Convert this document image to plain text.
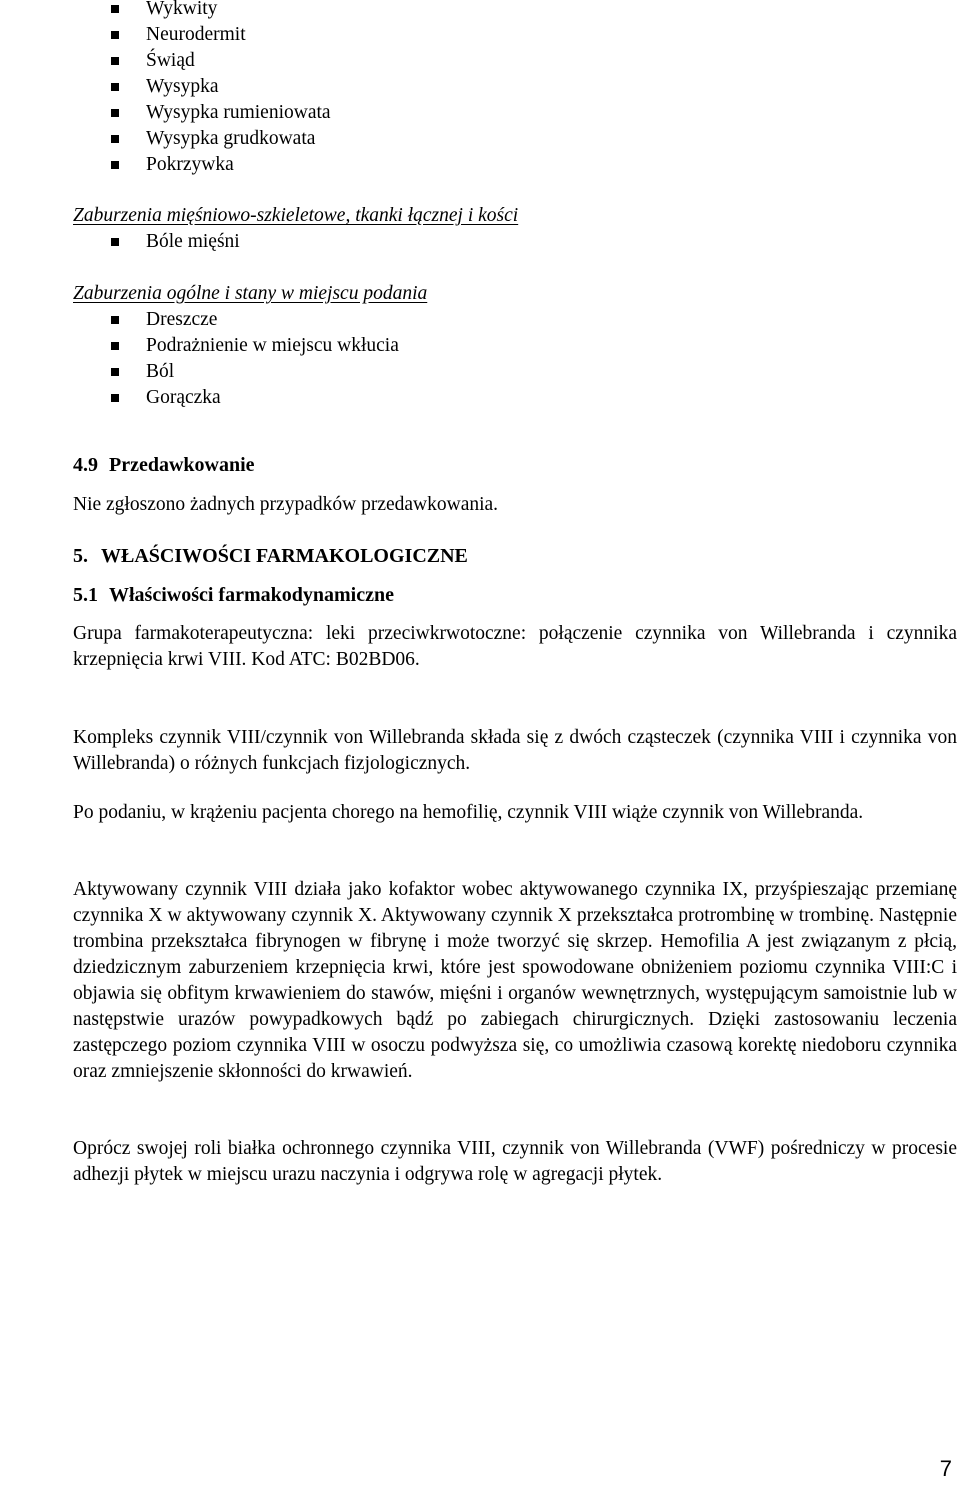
Wykwity
Neurodermit
Świąd
Wysypka
Wysypka rumieniowata
Wysypka grudkowata
Pokrzywka
Zaburzenia mięśniowo-szkieletowe, tkanki łącznej i kości
Bóle mięśni
Zaburzenia ogólne i stany w miejscu podania
Dreszcze
Podrażnienie w miejscu wkłucia
Ból
Gorączka
4.9 Przedawkowanie
Nie zgłoszono żadnych przypadków przedawkowania.
5. WŁAŚCIWOŚCI FARMAKOLOGICZNE
5.1 Właściwości farmakodynamiczne

Grupa farmakoterapeutyczna: leki przeciwkrwotoczne: połączenie czynnika von Willebranda i czynnika krzepnięcia krwi VIII. Kod ATC: B02BD06.

Kompleks czynnik VIII/czynnik von Willebranda składa się z dwóch cząsteczek (czynnika VIII i czynnika von Willebranda) o różnych funkcjach fizjologicznych.

Po podaniu, w krążeniu pacjenta chorego na hemofilię, czynnik VIII wiąże czynnik von Willebranda.

Aktywowany czynnik VIII działa jako kofaktor wobec aktywowanego czynnika IX, przyśpieszając przemianę czynnika X w aktywowany czynnik X. Aktywowany czynnik X przekształca protrombinę w trombinę. Następnie trombina przekształca fibrynogen w fibrynę i może tworzyć się skrzep. Hemofilia A jest związanym z płcią, dziedzicznym zaburzeniem krzepnięcia krwi, które jest spowodowane obniżeniem poziomu czynnika VIII:C i objawia się obfitym krwawieniem do stawów, mięśni i organów wewnętrznych, występującym samoistnie lub w następstwie urazów powypadkowych bądź po zabiegach chirurgicznych. Dzięki zastosowaniu leczenia zastępczego poziom czynnika VIII w osoczu podwyższa się, co umożliwia czasową korektę niedoboru czynnika oraz zmniejszenie skłonności do krwawień.

Oprócz swojej roli białka ochronnego czynnika VIII, czynnik von Willebranda (VWF) pośredniczy w procesie adhezji płytek w miejscu urazu naczynia i odgrywa rolę w agregacji płytek.

7
